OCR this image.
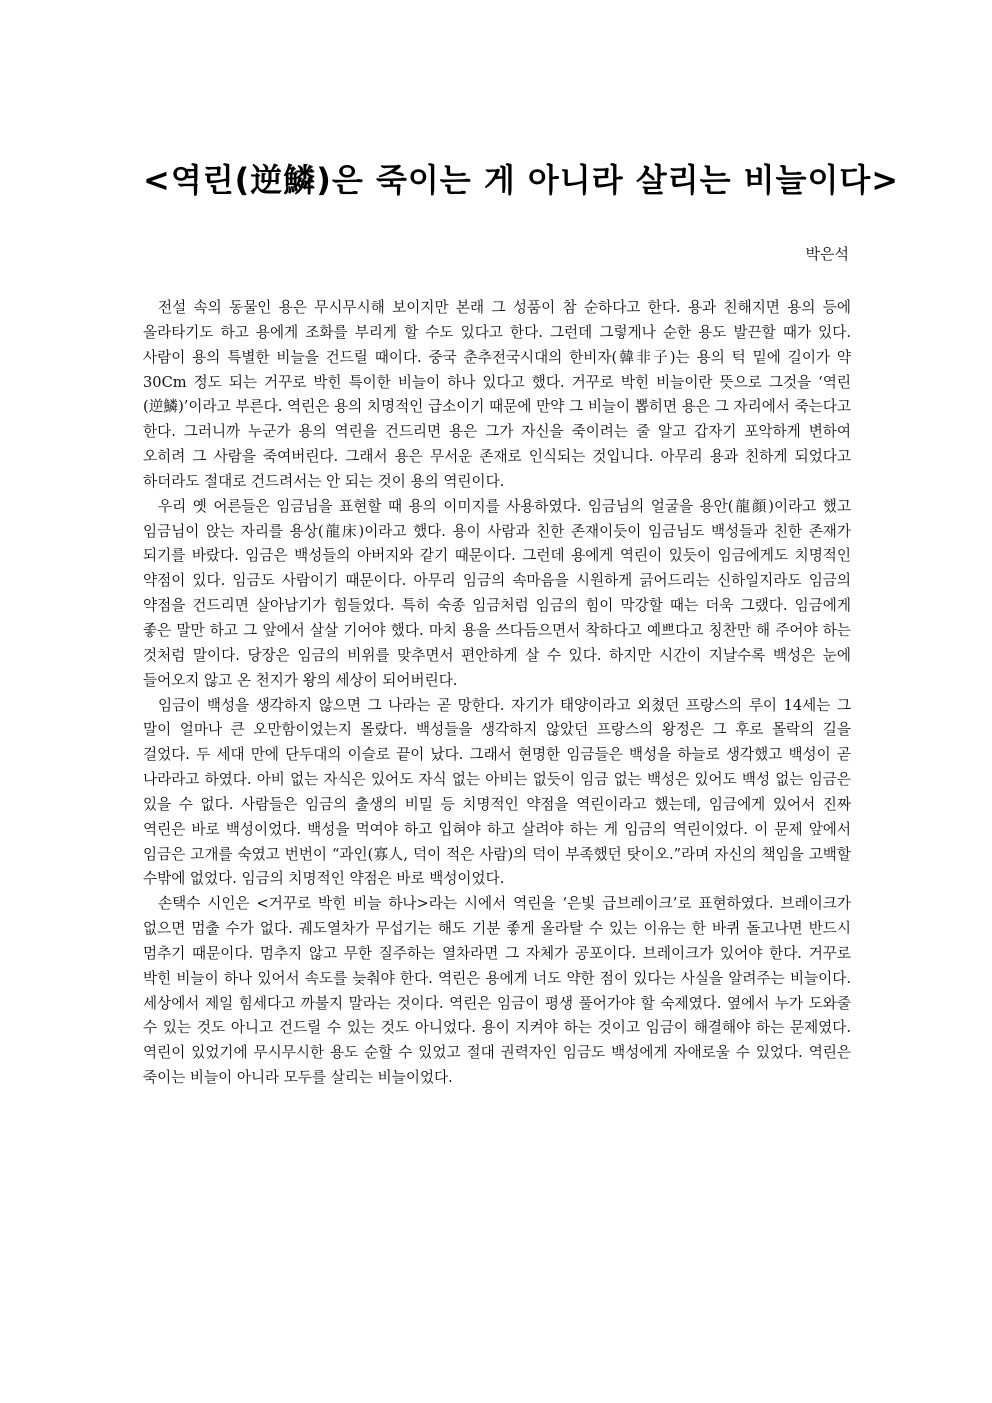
<역린(逆鱗)은 죽이는 게 아니라 살리는 비늘이다>
박은석

전설 속의 동물인 용은 무시무시해 보이지만 본래 그 성품이 참 순하다고 한다. 용과 친해지면 용의 등에 올라타기도 하고 용에게 조화를 부리게 할 수도 있다고 한다. 그런데 그렇게나 순한 용도 발끈할 때가 있다. 사람이 용의 특별한 비늘을 건드릴 때이다. 중국 춘추전국시대의 한비자(韓非子)는 용의 턱 밑에 길이가 약 30Cm 정도 되는 거꾸로 박힌 특이한 비늘이 하나 있다고 했다. 거꾸로 박힌 비늘이란 뜻으로 그것을 ‘역린(逆鱗)’이라고 부른다. 역린은 용의 치명적인 급소이기 때문에 만약 그 비늘이 뽑히면 용은 그 자리에서 죽는다고 한다. 그러니까 누군가 용의 역린을 건드리면 용은 그가 자신을 죽이려는 줄 알고 갑자기 포악하게 변하여 오히려 그 사람을 죽여버린다. 그래서 용은 무서운 존재로 인식되는 것입니다. 아무리 용과 친하게 되었다고 하더라도 절대로 건드려서는 안 되는 것이 용의 역린이다.

우리 옛 어른들은 임금님을 표현할 때 용의 이미지를 사용하였다. 임금님의 얼굴을 용안(龍顔)이라고 했고 임금님이 앉는 자리를 용상(龍床)이라고 했다. 용이 사람과 친한 존재이듯이 임금님도 백성들과 친한 존재가 되기를 바랐다. 임금은 백성들의 아버지와 같기 때문이다. 그런데 용에게 역린이 있듯이 임금에게도 치명적인 약점이 있다. 임금도 사람이기 때문이다. 아무리 임금의 속마음을 시원하게 긁어드리는 신하일지라도 임금의 약점을 건드리면 살아남기가 힘들었다. 특히 숙종 임금처럼 임금의 힘이 막강할 때는 더욱 그랬다. 임금에게 좋은 말만 하고 그 앞에서 살살 기어야 했다. 마치 용을 쓰다듬으면서 착하다고 예쁘다고 칭찬만 해 주어야 하는 것처럼 말이다. 당장은 임금의 비위를 맞추면서 편안하게 살 수 있다. 하지만 시간이 지날수록 백성은 눈에 들어오지 않고 온 천지가 왕의 세상이 되어버린다.

임금이 백성을 생각하지 않으면 그 나라는 곧 망한다. 자기가 태양이라고 외쳤던 프랑스의 루이 14세는 그 말이 얼마나 큰 오만함이었는지 몰랐다. 백성들을 생각하지 않았던 프랑스의 왕정은 그 후로 몰락의 길을 걸었다. 두 세대 만에 단두대의 이슬로 끝이 났다. 그래서 현명한 임금들은 백성을 하늘로 생각했고 백성이 곧 나라라고 하였다. 아비 없는 자식은 있어도 자식 없는 아비는 없듯이 임금 없는 백성은 있어도 백성 없는 임금은 있을 수 없다. 사람들은 임금의 출생의 비밀 등 치명적인 약점을 역린이라고 했는데, 임금에게 있어서 진짜 역린은 바로 백성이었다. 백성을 먹여야 하고 입혀야 하고 살려야 하는 게 임금의 역린이었다. 이 문제 앞에서 임금은 고개를 숙였고 번번이 “과인(寡人, 덕이 적은 사람)의 덕이 부족했던 탓이오.”라며 자신의 책임을 고백할 수밖에 없었다. 임금의 치명적인 약점은 바로 백성이었다.

손택수 시인은 <거꾸로 박힌 비늘 하나>라는 시에서 역린을 ‘은빛 급브레이크’로 표현하였다. 브레이크가 없으면 멈출 수가 없다. 궤도열차가 무섭기는 해도 기분 좋게 올라탈 수 있는 이유는 한 바퀴 돌고나면 반드시 멈추기 때문이다. 멈추지 않고 무한 질주하는 열차라면 그 자체가 공포이다. 브레이크가 있어야 한다. 거꾸로 박힌 비늘이 하나 있어서 속도를 늦춰야 한다. 역린은 용에게 너도 약한 점이 있다는 사실을 알려주는 비늘이다. 세상에서 제일 힘세다고 까불지 말라는 것이다. 역린은 임금이 평생 풀어가야 할 숙제였다. 옆에서 누가 도와줄 수 있는 것도 아니고 건드릴 수 있는 것도 아니었다. 용이 지켜야 하는 것이고 임금이 해결해야 하는 문제였다. 역린이 있었기에 무시무시한 용도 순할 수 있었고 절대 권력자인 임금도 백성에게 자애로울 수 있었다. 역린은 죽이는 비늘이 아니라 모두를 살리는 비늘이었다.
